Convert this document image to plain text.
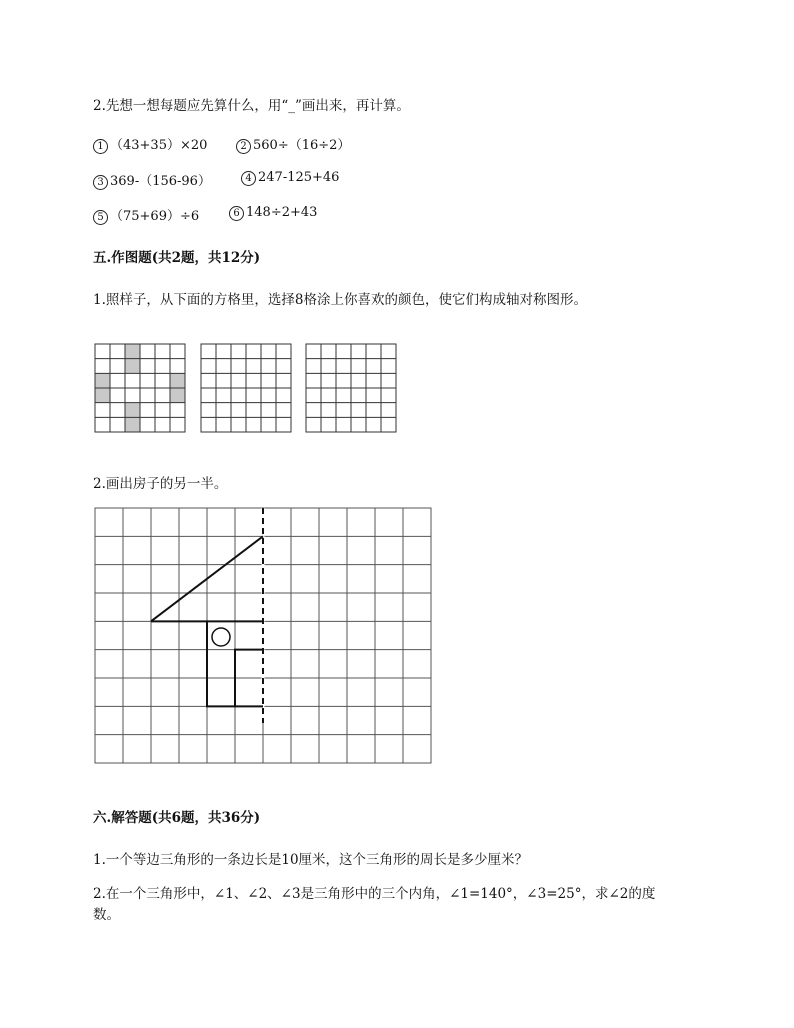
2.先想一想每题应先算什么，用“_”画出来，再计算。
1 （43+35）×20	2 560÷（16÷2）
3 369-（156-96）	4 247-125+46
5 （75+69）÷6	6 148÷2+43
五.作图题(共2题，共12分)
1.照样子，从下面的方格里，选择8格涂上你喜欢的颜色，使它们构成轴对称图形。
2.画出房子的另一半。
六.解答题(共6题，共36分)
1.一个等边三角形的一条边长是10厘米，这个三角形的周长是多少厘米？
2.在一个三角形中，∠1、∠2、∠3是三角形中的三个内角，∠1=140°，∠3=25°，求∠2的度
数。
